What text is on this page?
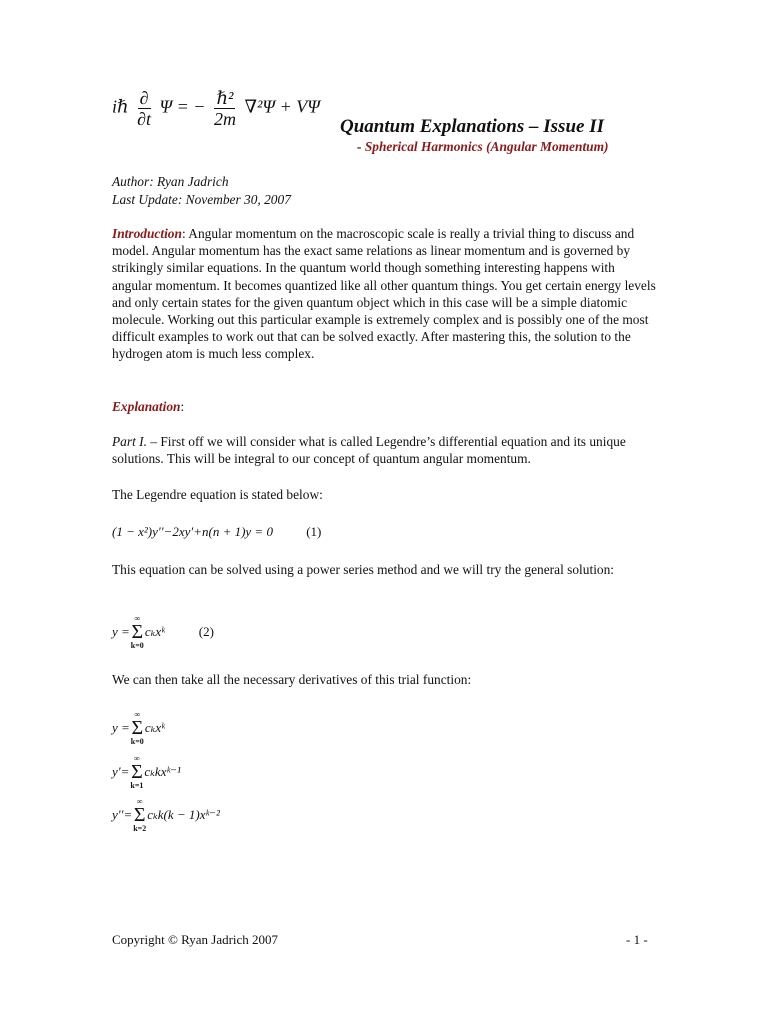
iℏ $\frac{\partial}{\partial t}$ Ψ = − $\frac{\text{ℏ²}}{2m} \nabla^2\Psi + V\Psi$
Quantum Explanations – Issue II
- Spherical Harmonics (Angular Momentum)
Author: Ryan Jadrich
Last Update: November 30, 2007
Introduction: Angular momentum on the macroscopic scale is really a trivial thing to discuss and model. Angular momentum has the exact same relations as linear momentum and is governed by strikingly similar equations. In the quantum world though something interesting happens with angular momentum. It becomes quantized like all other quantum things. You get certain energy levels and only certain states for the given quantum object which in this case will be a simple diatomic molecule. Working out this particular example is extremely complex and is possibly one of the most difficult examples to work out that can be solved exactly. After mastering this, the solution to the hydrogen atom is much less complex.
Explanation:
Part I. – First off we will consider what is called Legendre’s differential equation and its unique solutions. This will be integral to our concept of quantum angular momentum.
The Legendre equation is stated below:
(1 − x²)y′′−2xy′+n(n + 1)y = 0	(1)
This equation can be solved using a power series method and we will try the general solution:
y =
∞
Σ
k=0
cₖxᵏ	(2)
We can then take all the necessary derivatives of this trial function:
y =
∞
Σ
k=0
cₖxᵏ
y′=
∞
Σ
k=1
cₖkxᵏ⁻¹
y′′=
∞
Σ
k=2
cₖk(k − 1)xᵏ⁻²
Copyright © Ryan Jadrich 2007	- 1 -
